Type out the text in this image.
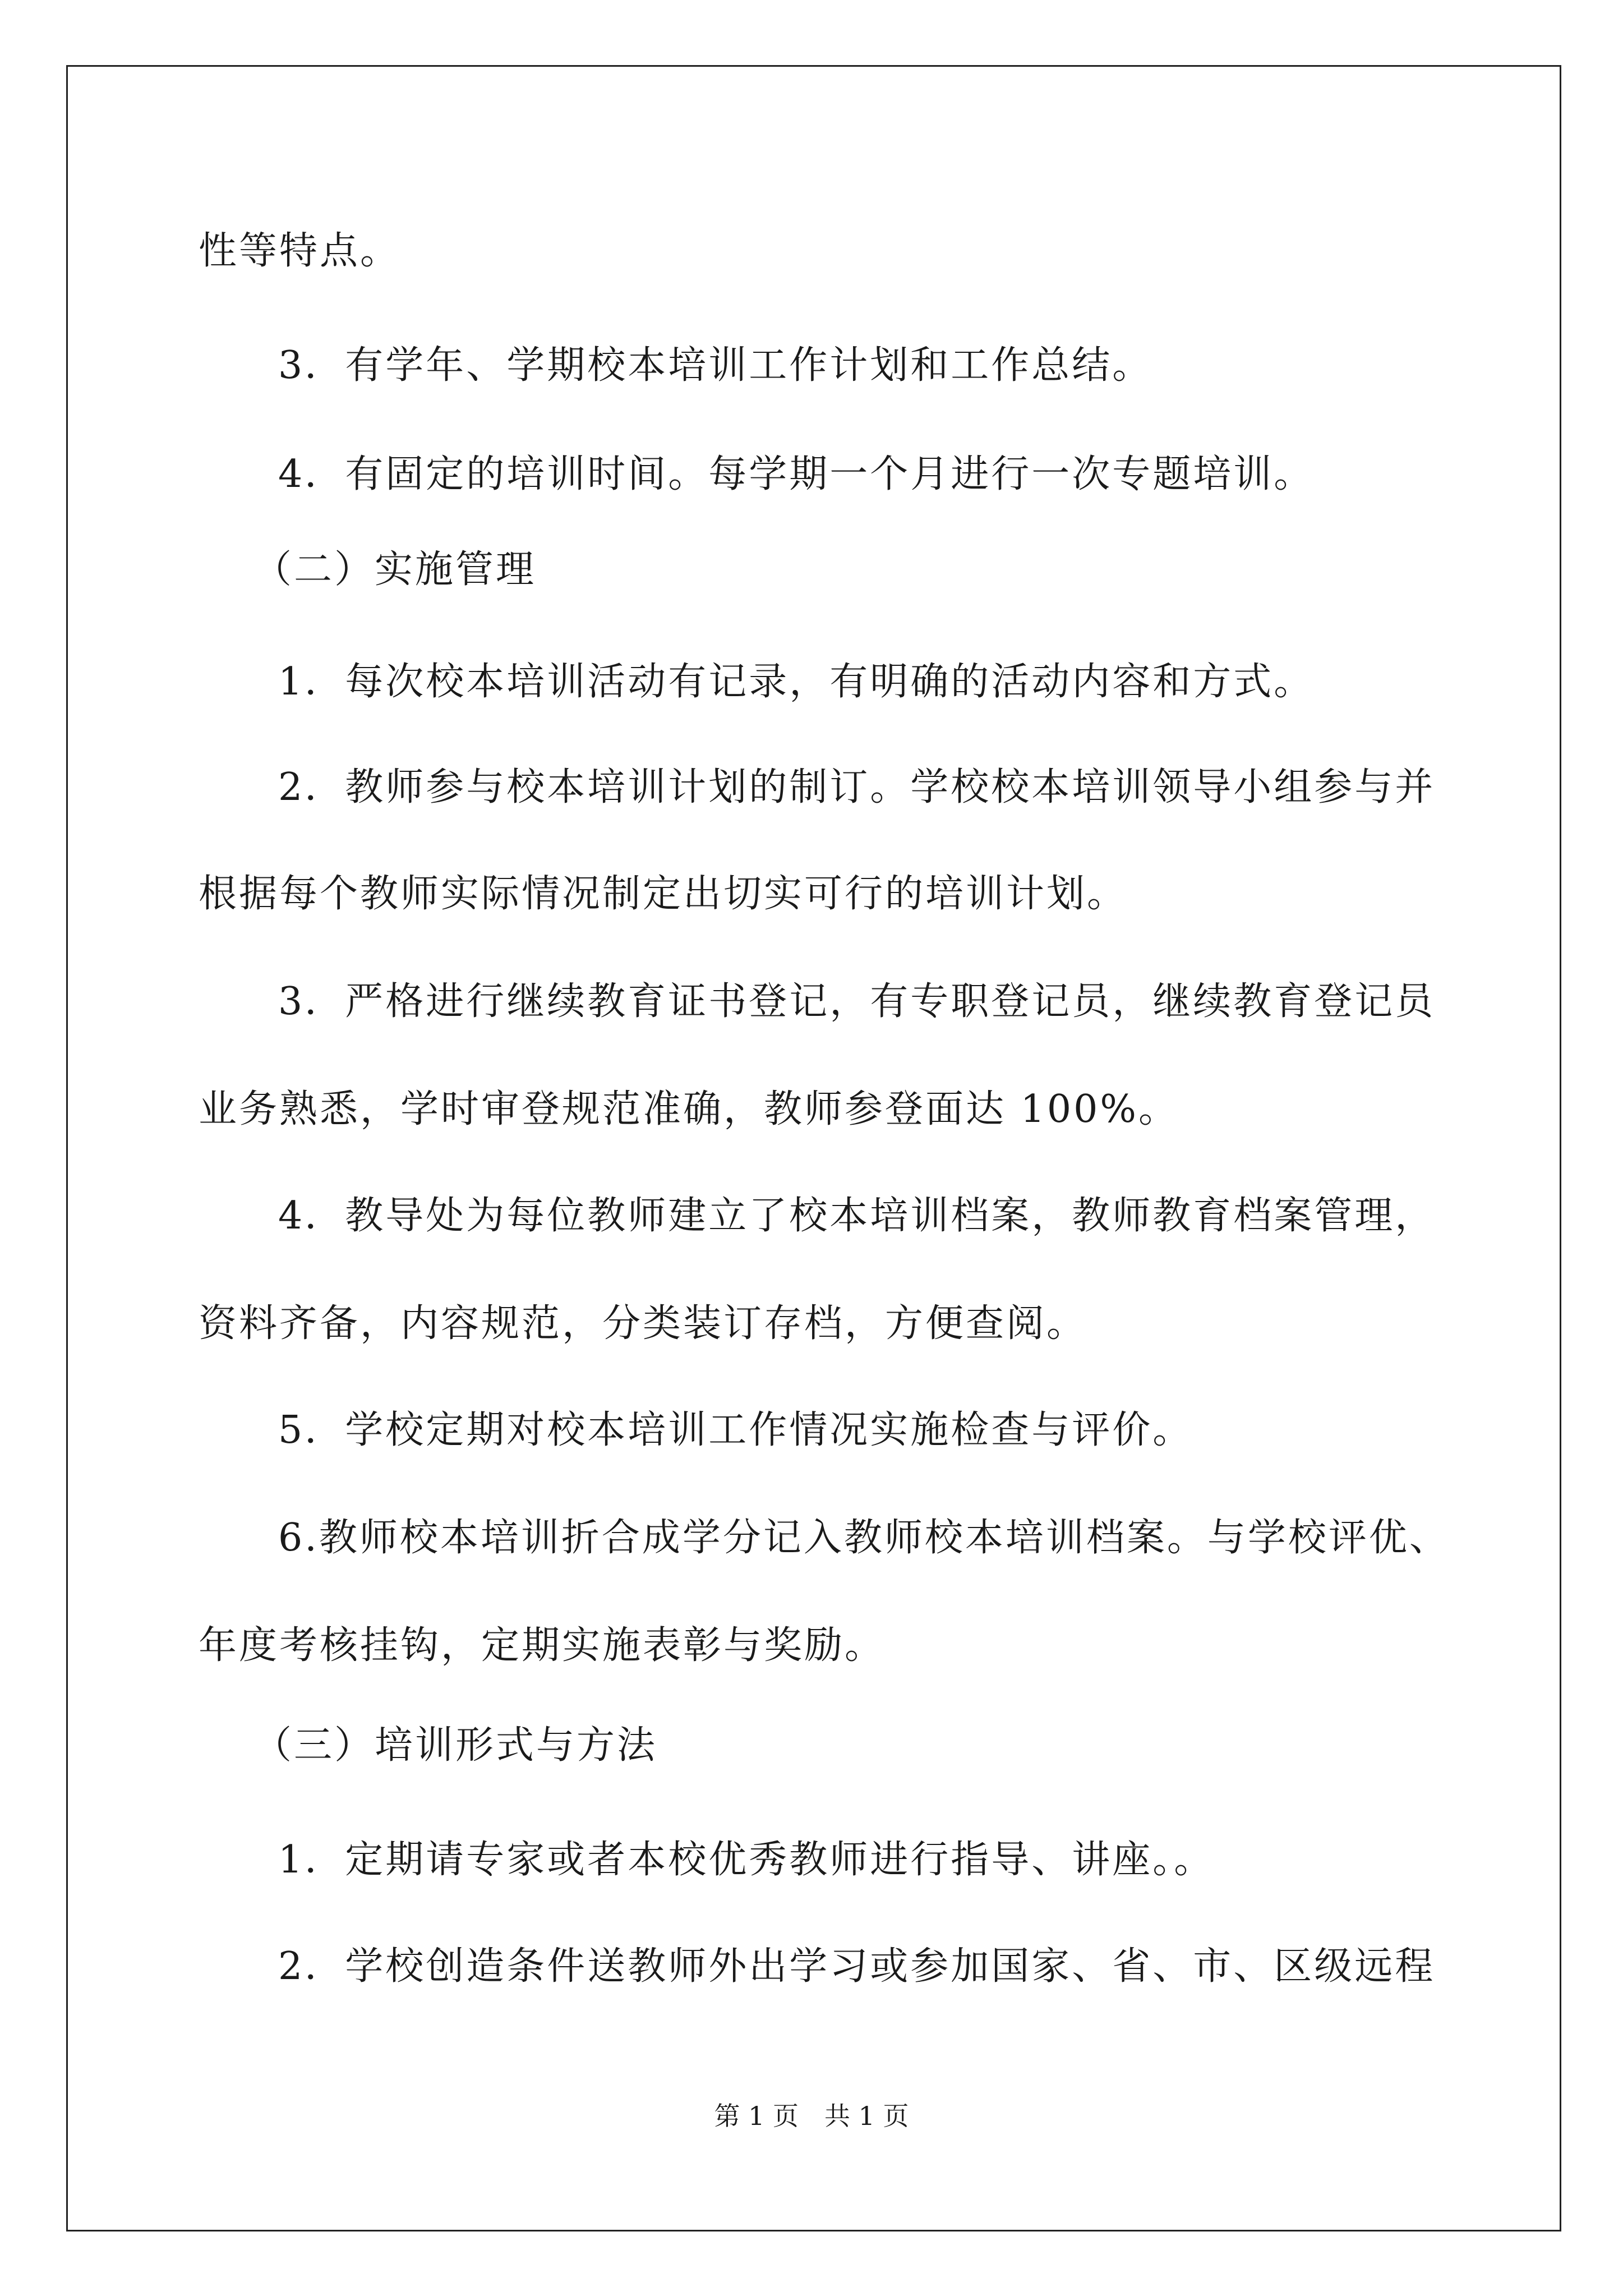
性等特点。
3．有学年、学期校本培训工作计划和工作总结。
4．有固定的培训时间。每学期一个月进行一次专题培训。
（二）实施管理
1．每次校本培训活动有记录，有明确的活动内容和方式。
2．教师参与校本培训计划的制订。学校校本培训领导小组参与并
根据每个教师实际情况制定出切实可行的培训计划。
3．严格进行继续教育证书登记，有专职登记员，继续教育登记员
业务熟悉，学时审登规范准确，教师参登面达 100%。
4．教导处为每位教师建立了校本培训档案，教师教育档案管理，
资料齐备，内容规范，分类装订存档，方便查阅。
5．学校定期对校本培训工作情况实施检查与评价。
6.教师校本培训折合成学分记入教师校本培训档案。与学校评优、
年度考核挂钩，定期实施表彰与奖励。
（三）培训形式与方法
1．定期请专家或者本校优秀教师进行指导、讲座。。
2．学校创造条件送教师外出学习或参加国家、省、市、区级远程
第 1 页　共 1 页
